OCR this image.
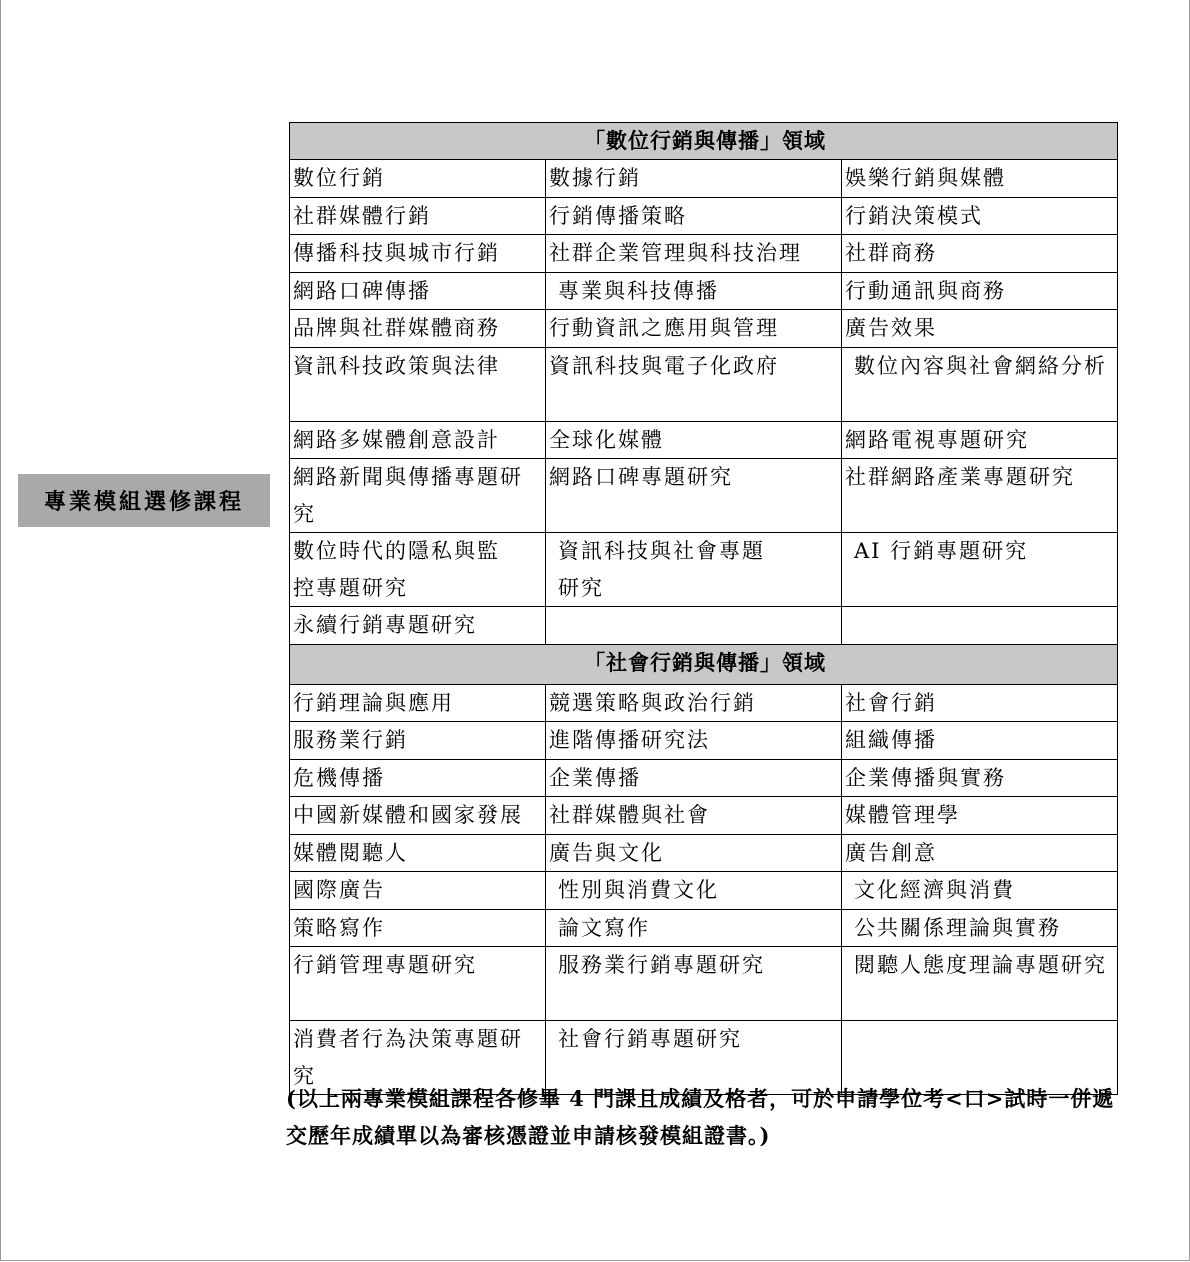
專業模組選修課程
「數位行銷與傳播」領域		
數位行銷	數據行銷	娛樂行銷與媒體
社群媒體行銷	行銷傳播策略	行銷決策模式
傳播科技與城市行銷	社群企業管理與科技治理	社群商務
網路口碑傳播	專業與科技傳播	行動通訊與商務
品牌與社群媒體商務	行動資訊之應用與管理	廣告效果
資訊科技政策與法律	資訊科技與電子化政府	數位內容與社會網絡分析
網路多媒體創意設計	全球化媒體	網路電視專題研究
網路新聞與傳播專題研究	網路口碑專題研究	社群網路產業專題研究
數位時代的隱私與監控專題研究	資訊科技與社會專題研究	AI 行銷專題研究
永續行銷專題研究		
「社會行銷與傳播」領域		
行銷理論與應用	競選策略與政治行銷	社會行銷
服務業行銷	進階傳播研究法	組織傳播
危機傳播	企業傳播	企業傳播與實務
中國新媒體和國家發展	社群媒體與社會	媒體管理學
媒體閱聽人	廣告與文化	廣告創意
國際廣告	性別與消費文化	文化經濟與消費
策略寫作	論文寫作	公共關係理論與實務
行銷管理專題研究	服務業行銷專題研究	閱聽人態度理論專題研究
消費者行為決策專題研究	社會行銷專題研究	
(以上兩專業模組課程各修畢 4 門課且成績及格者，可於申請學位考<口>試時一併遞交歷年成績單以為審核憑證並申請核發模組證書。)
